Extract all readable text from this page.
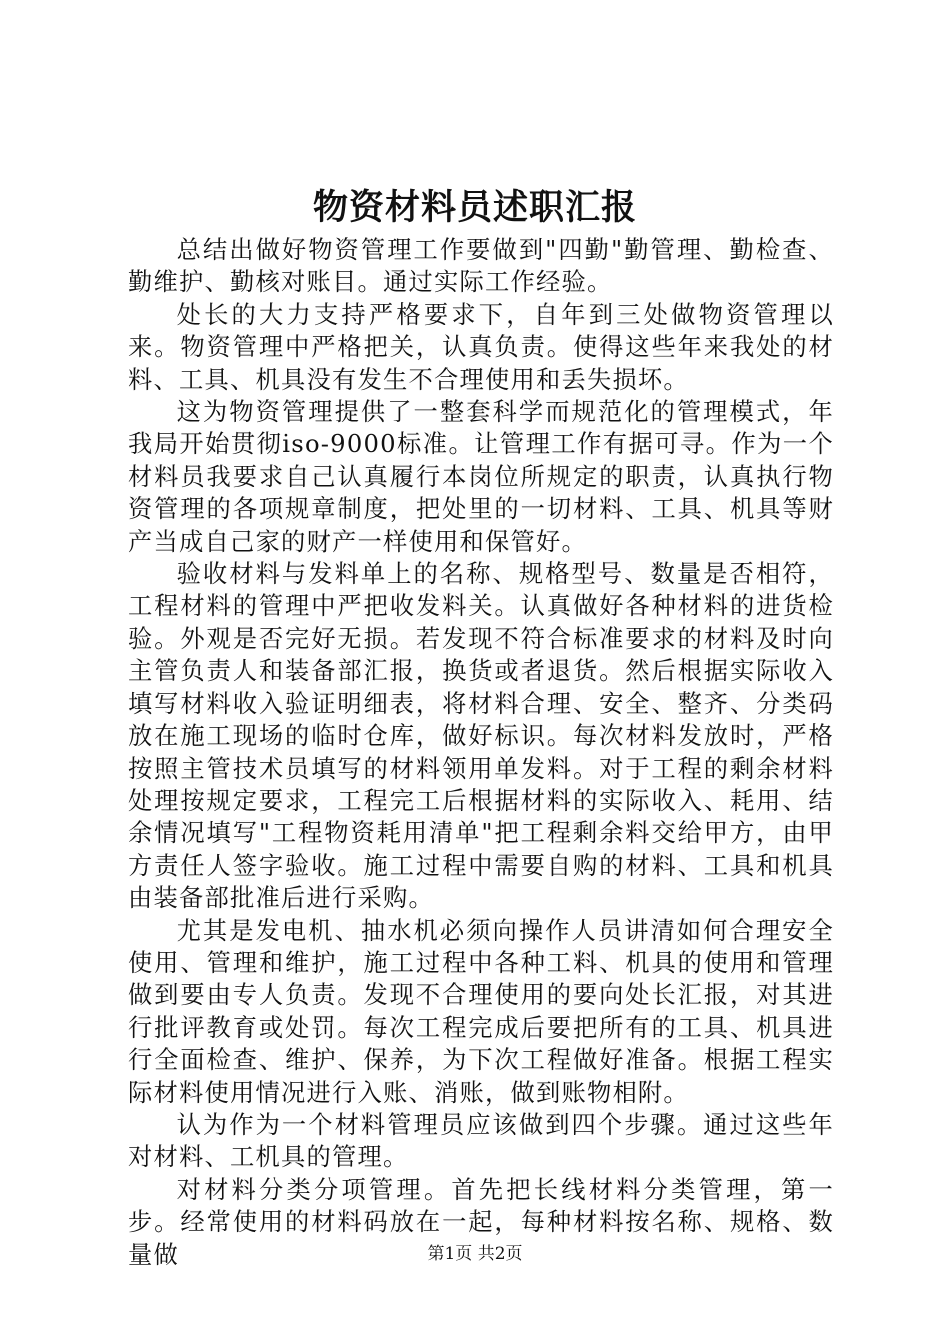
物资材料员述职汇报

总结出做好物资管理工作要做到"四勤"勤管理、勤检查、勤维护、勤核对账目。通过实际工作经验。

处长的大力支持严格要求下，自年到三处做物资管理以来。物资管理中严格把关，认真负责。使得这些年来我处的材料、工具、机具没有发生不合理使用和丢失损坏。

这为物资管理提供了一整套科学而规范化的管理模式，年我局开始贯彻iso-9000标准。让管理工作有据可寻。作为一个材料员我要求自己认真履行本岗位所规定的职责，认真执行物资管理的各项规章制度，把处里的一切材料、工具、机具等财产当成自己家的财产一样使用和保管好。

验收材料与发料单上的名称、规格型号、数量是否相符，工程材料的管理中严把收发料关。认真做好各种材料的进货检验。外观是否完好无损。若发现不符合标准要求的材料及时向主管负责人和装备部汇报，换货或者退货。然后根据实际收入填写材料收入验证明细表，将材料合理、安全、整齐、分类码放在施工现场的临时仓库，做好标识。每次材料发放时，严格按照主管技术员填写的材料领用单发料。对于工程的剩余材料处理按规定要求，工程完工后根据材料的实际收入、耗用、结余情况填写"工程物资耗用清单"把工程剩余料交给甲方，由甲方责任人签字验收。施工过程中需要自购的材料、工具和机具由装备部批准后进行采购。

尤其是发电机、抽水机必须向操作人员讲清如何合理安全使用、管理和维护，施工过程中各种工料、机具的使用和管理做到要由专人负责。发现不合理使用的要向处长汇报，对其进行批评教育或处罚。每次工程完成后要把所有的工具、机具进行全面检查、维护、保养，为下次工程做好准备。根据工程实际材料使用情况进行入账、消账，做到账物相附。

认为作为一个材料管理员应该做到四个步骤。通过这些年对材料、工机具的管理。

对材料分类分项管理。首先把长线材料分类管理，第一步。经常使用的材料码放在一起，每种材料按名称、规格、数量做	第1页 共2页
